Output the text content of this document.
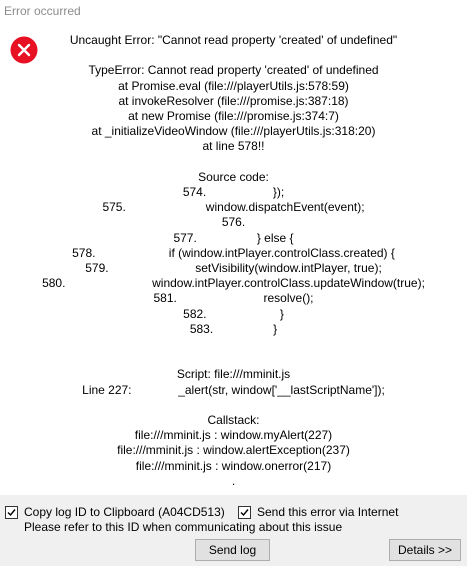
Error occurred
Uncaught Error: "Cannot read property 'created' of undefined"
TypeError: Cannot read property 'created' of undefined
at Promise.eval (file:///playerUtils.js:578:59)
at invokeResolver (file:///promise.js:387:18)
at new Promise (file:///promise.js:374:7)
at _initializeVideoWindow (file:///playerUtils.js:318:20)
at line 578!!
Source code:
574.                    });
575.                        window.dispatchEvent(event);
576.
577.                  } else {
578.                      if (window.intPlayer.controlClass.created) {
579.                          setVisibility(window.intPlayer, true);
580.                          window.intPlayer.controlClass.updateWindow(true);
581.                          resolve();
582.                      }
583.                  }
Script: file:///mminit.js
Line 227:              _alert(str, window['__lastScriptName']);
Callstack:
file:///mminit.js : window.myAlert(227)
file:///mminit.js : window.alertException(237)
file:///mminit.js : window.onerror(217)
.
Copy log ID to Clipboard (A04CD513)	Send this error via Internet
Please refer to this ID when communicating about this issue
Send log	Details >>
